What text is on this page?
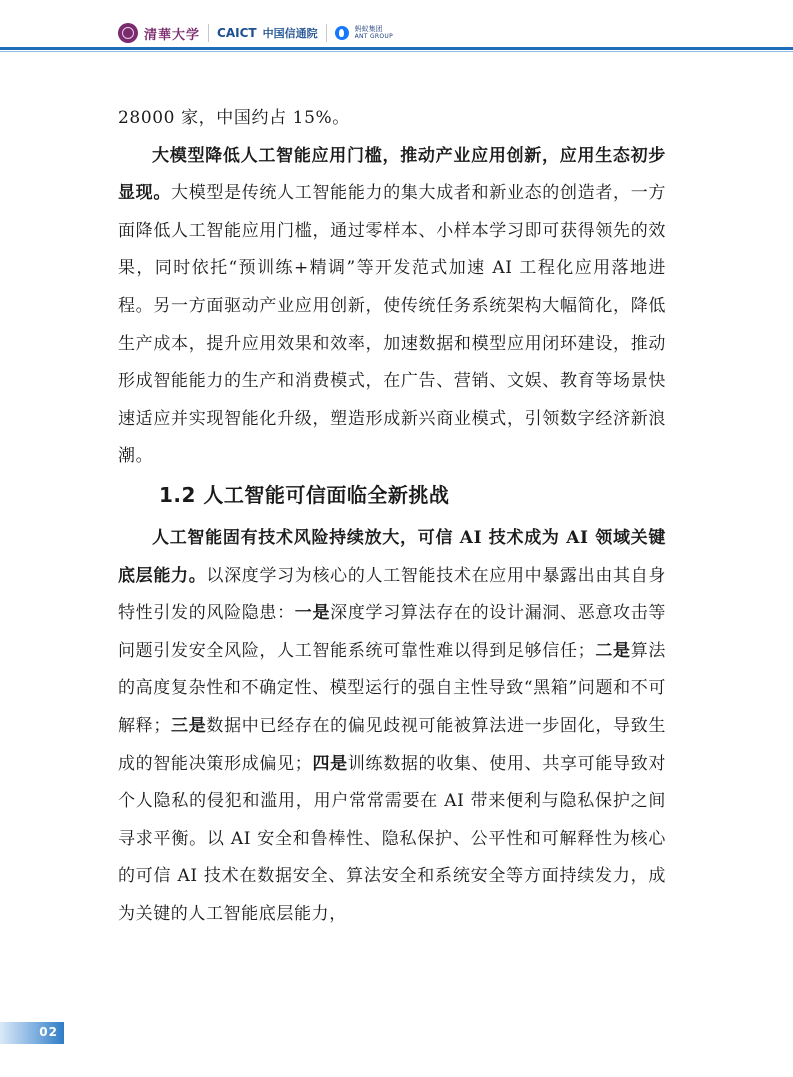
清華大学 CAICT 中国信通院	蚂蚁集团
ANT GROUP

28000 家，中国约占 15%。

大模型降低人工智能应用门槛，推动产业应用创新，应用生态初步显现。大模型是传统人工智能能力的集大成者和新业态的创造者，一方面降低人工智能应用门槛，通过零样本、小样本学习即可获得领先的效果，同时依托“预训练+精调”等开发范式加速 AI 工程化应用落地进程。另一方面驱动产业应用创新，使传统任务系统架构大幅简化，降低生产成本，提升应用效果和效率，加速数据和模型应用闭环建设，推动形成智能能力的生产和消费模式，在广告、营销、文娱、教育等场景快速适应并实现智能化升级，塑造形成新兴商业模式，引领数字经济新浪潮。

1.2 人工智能可信面临全新挑战

人工智能固有技术风险持续放大，可信 AI 技术成为 AI 领域关键底层能力。以深度学习为核心的人工智能技术在应用中暴露出由其自身特性引发的风险隐患：一是深度学习算法存在的设计漏洞、恶意攻击等问题引发安全风险，人工智能系统可靠性难以得到足够信任；二是算法的高度复杂性和不确定性、模型运行的强自主性导致“黑箱”问题和不可解释；三是数据中已经存在的偏见歧视可能被算法进一步固化，导致生成的智能决策形成偏见；四是训练数据的收集、使用、共享可能导致对个人隐私的侵犯和滥用，用户常常需要在 AI 带来便利与隐私保护之间寻求平衡。以 AI 安全和鲁棒性、隐私保护、公平性和可解释性为核心的可信 AI 技术在数据安全、算法安全和系统安全等方面持续发力，成为关键的人工智能底层能力，

02
